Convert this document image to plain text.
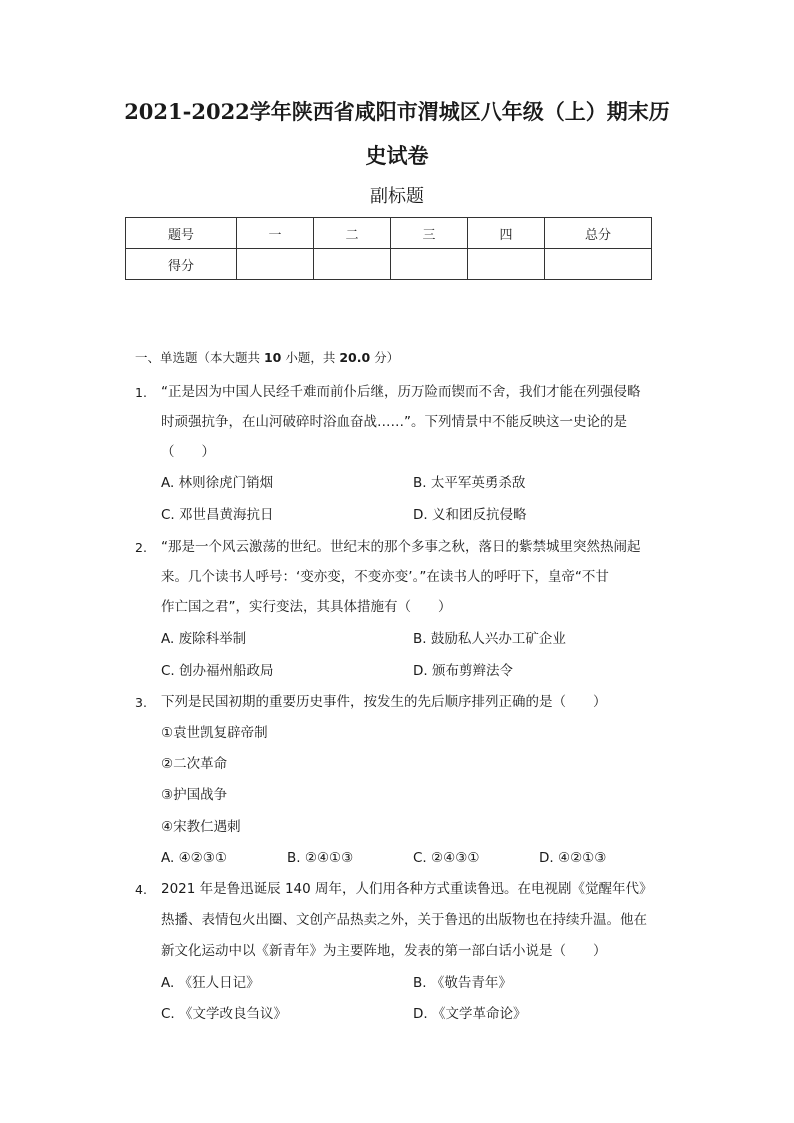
2021-2022学年陕西省咸阳市渭城区八年级（上）期末历
史试卷
副标题
题号	一	二	三	四	总分
得分					
一、单选题（本大题共 10 小题，共 20.0 分）
1. “正是因为中国人民经千难而前仆后继，历万险而锲而不舍，我们才能在列强侵略
时顽强抗争，在山河破碎时浴血奋战……”。下列情景中不能反映这一史论的是
（　　）
A. 林则徐虎门销烟	B. 太平军英勇杀敌
C. 邓世昌黄海抗日	D. 义和团反抗侵略
2. “那是一个风云激荡的世纪。世纪末的那个多事之秋，落日的紫禁城里突然热闹起
来。几个读书人呼号：‘变亦变，不变亦变’。”在读书人的呼吁下，皇帝“不甘
作亡国之君”，实行变法，其具体措施有（　　）
A. 废除科举制	B. 鼓励私人兴办工矿企业
C. 创办福州船政局	D. 颁布剪辫法令
3. 下列是民国初期的重要历史事件，按发生的先后顺序排列正确的是（　　）
①袁世凯复辟帝制
②二次革命
③护国战争
④宋教仁遇刺
A. ④②③①	B. ②④①③	C. ②④③①	D. ④②①③
4. 2021 年是鲁迅诞辰 140 周年，人们用各种方式重读鲁迅。在电视剧《觉醒年代》
热播、表情包火出圈、文创产品热卖之外，关于鲁迅的出版物也在持续升温。他在
新文化运动中以《新青年》为主要阵地，发表的第一部白话小说是（　　）
A. 《狂人日记》	B. 《敬告青年》
C. 《文学改良刍议》	D. 《文学革命论》
